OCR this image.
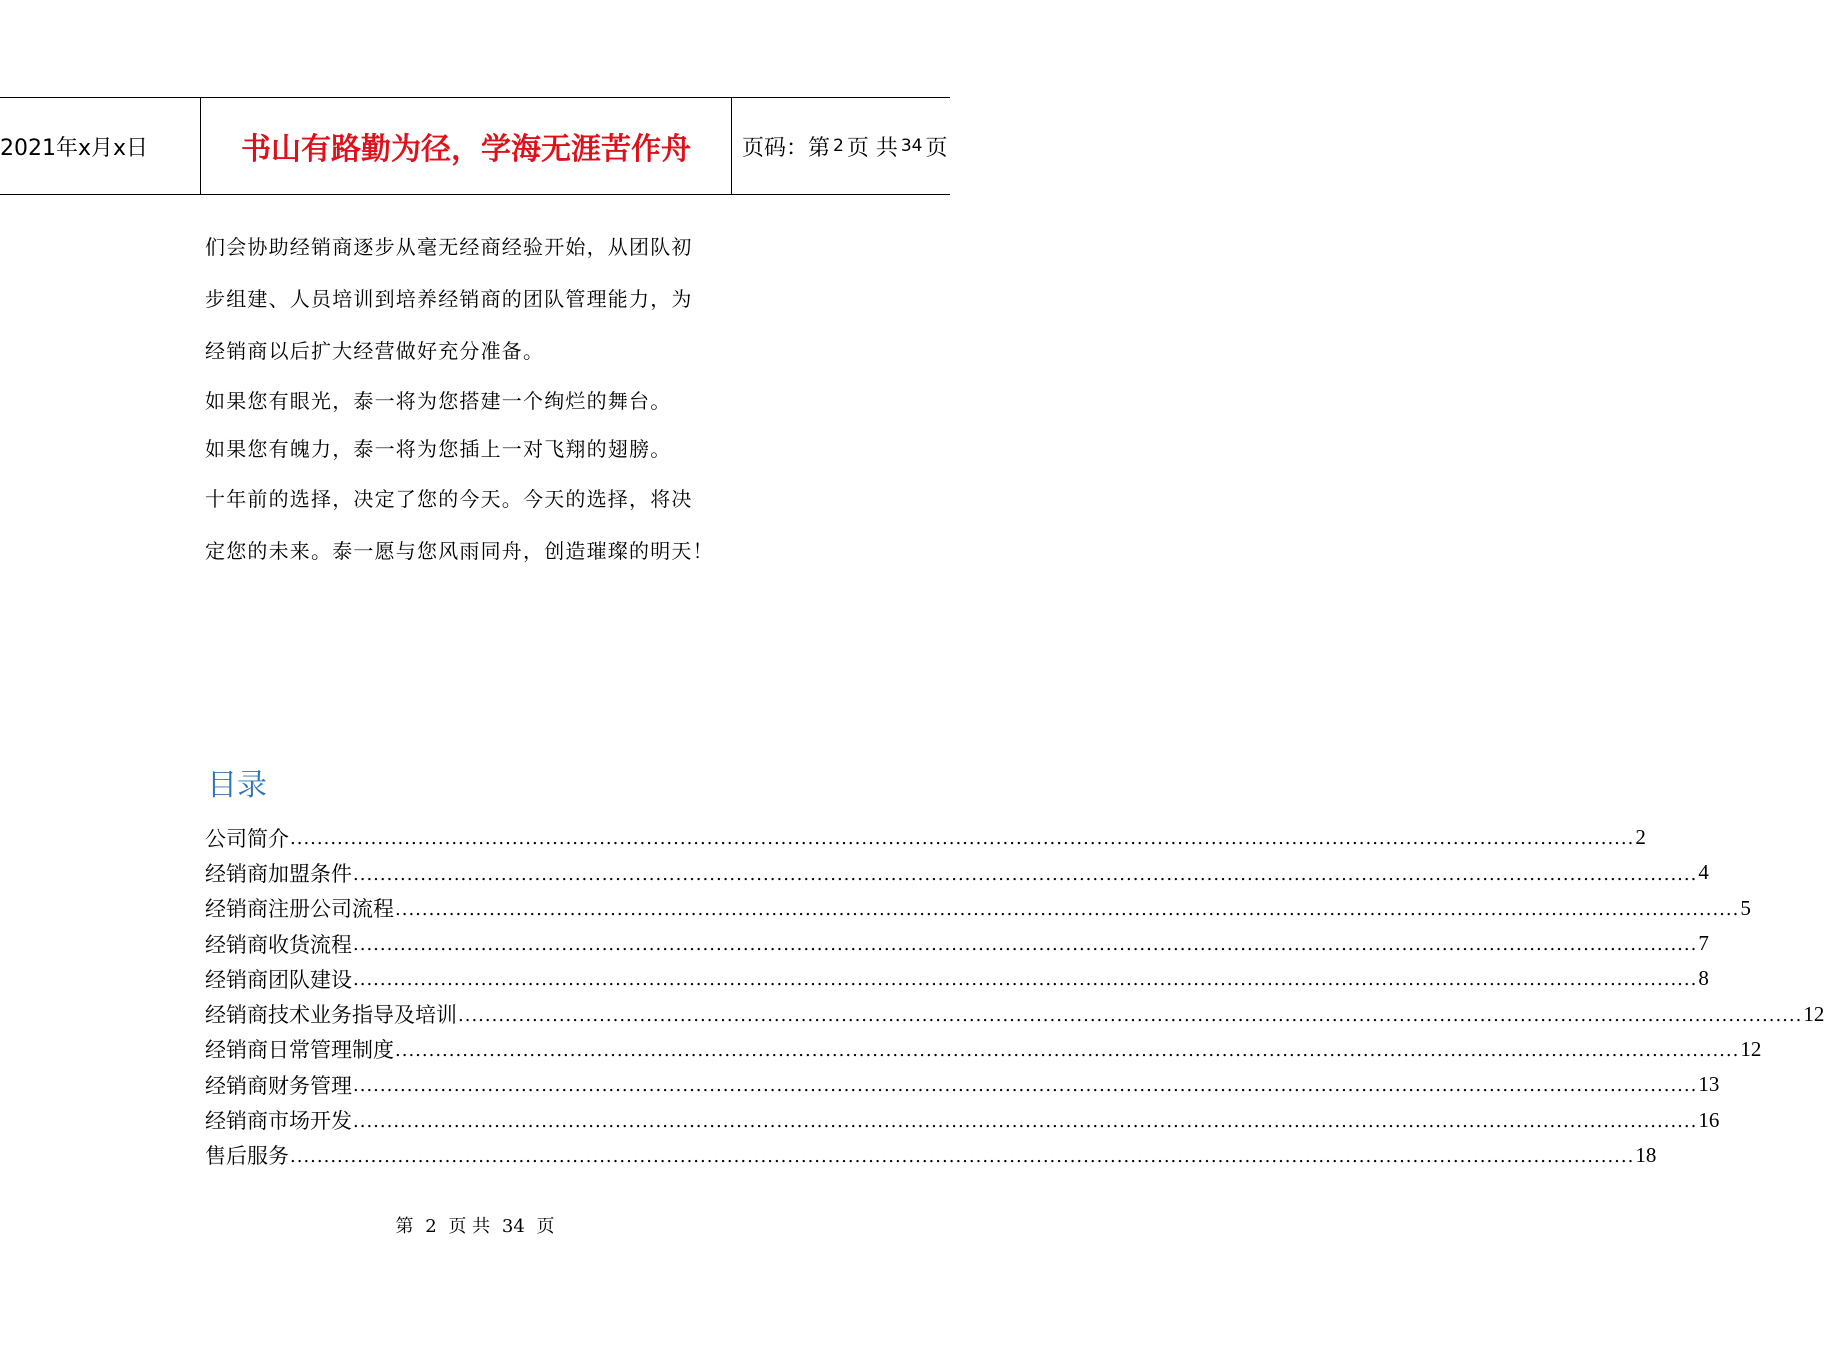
2021年x月x日	书山有路勤为径，学海无涯苦作舟	页码：第 2 页 共 34 页

们会协助经销商逐步从毫无经商经验开始，从团队初

步组建、人员培训到培养经销商的团队管理能力，为

经销商以后扩大经营做好充分准备。

如果您有眼光，泰一将为您搭建一个绚烂的舞台。

如果您有魄力，泰一将为您插上一对飞翔的翅膀。

十年前的选择，决定了您的今天。今天的选择，将决

定您的未来。泰一愿与您风雨同舟，创造璀璨的明天！

目录
公司简介 ........................................................................................................................................................................................................ 2
经销商加盟条件 ........................................................................................................................................................................................................ 4
经销商注册公司流程 ........................................................................................................................................................................................................ 5
经销商收货流程 ........................................................................................................................................................................................................ 7
经销商团队建设 ........................................................................................................................................................................................................ 8
经销商技术业务指导及培训 ........................................................................................................................................................................................................ 12
经销商日常管理制度 ........................................................................................................................................................................................................ 12
经销商财务管理 ........................................................................................................................................................................................................ 13
经销商市场开发 ........................................................................................................................................................................................................ 16
售后服务 ........................................................................................................................................................................................................ 18
第 2 页 共 34 页
